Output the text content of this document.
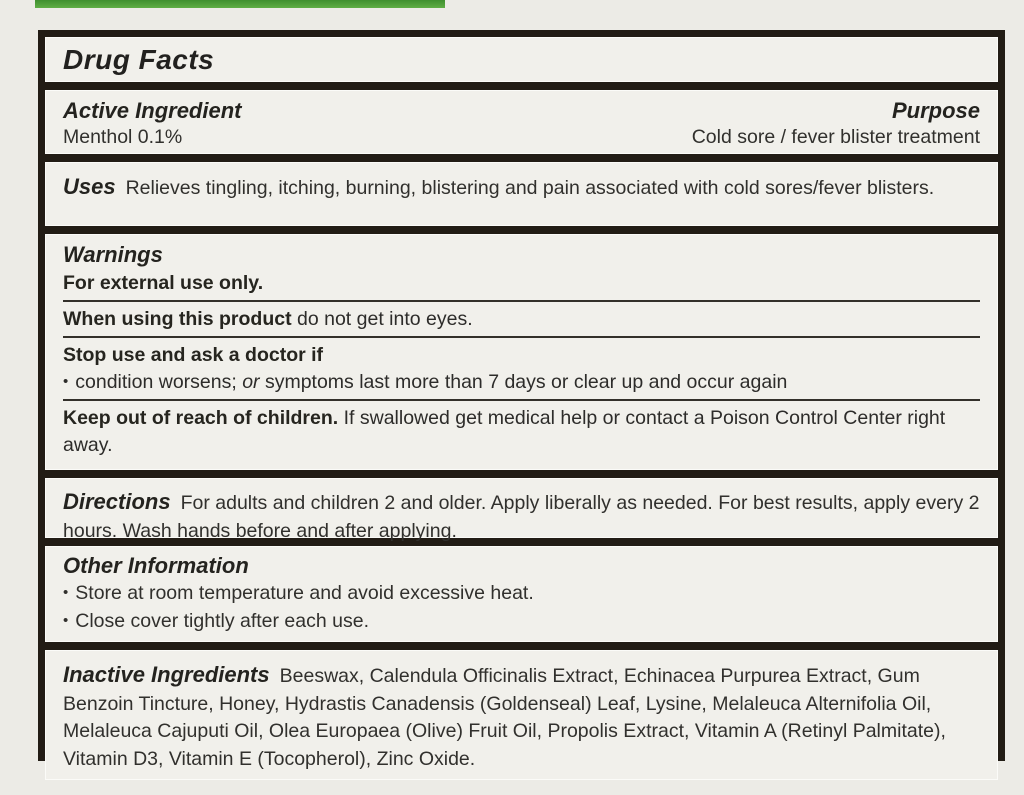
Drug Facts
Active Ingredient
Menthol 0.1%
Purpose
Cold sore / fever blister treatment
Uses Relieves tingling, itching, burning, blistering and pain associated with cold sores/fever blisters.
Warnings
For external use only.
When using this product do not get into eyes.
Stop use and ask a doctor if
• condition worsens; or symptoms last more than 7 days or clear up and occur again
Keep out of reach of children. If swallowed get medical help or contact a Poison Control Center right away.
Directions For adults and children 2 and older. Apply liberally as needed. For best results, apply every 2 hours. Wash hands before and after applying.
Other Information
• Store at room temperature and avoid excessive heat.
• Close cover tightly after each use.
Inactive Ingredients Beeswax, Calendula Officinalis Extract, Echinacea Purpurea Extract, Gum Benzoin Tincture, Honey, Hydrastis Canadensis (Goldenseal) Leaf, Lysine, Melaleuca Alternifolia Oil, Melaleuca Cajuputi Oil, Olea Europaea (Olive) Fruit Oil, Propolis Extract, Vitamin A (Retinyl Palmitate), Vitamin D3, Vitamin E (Tocopherol), Zinc Oxide.
